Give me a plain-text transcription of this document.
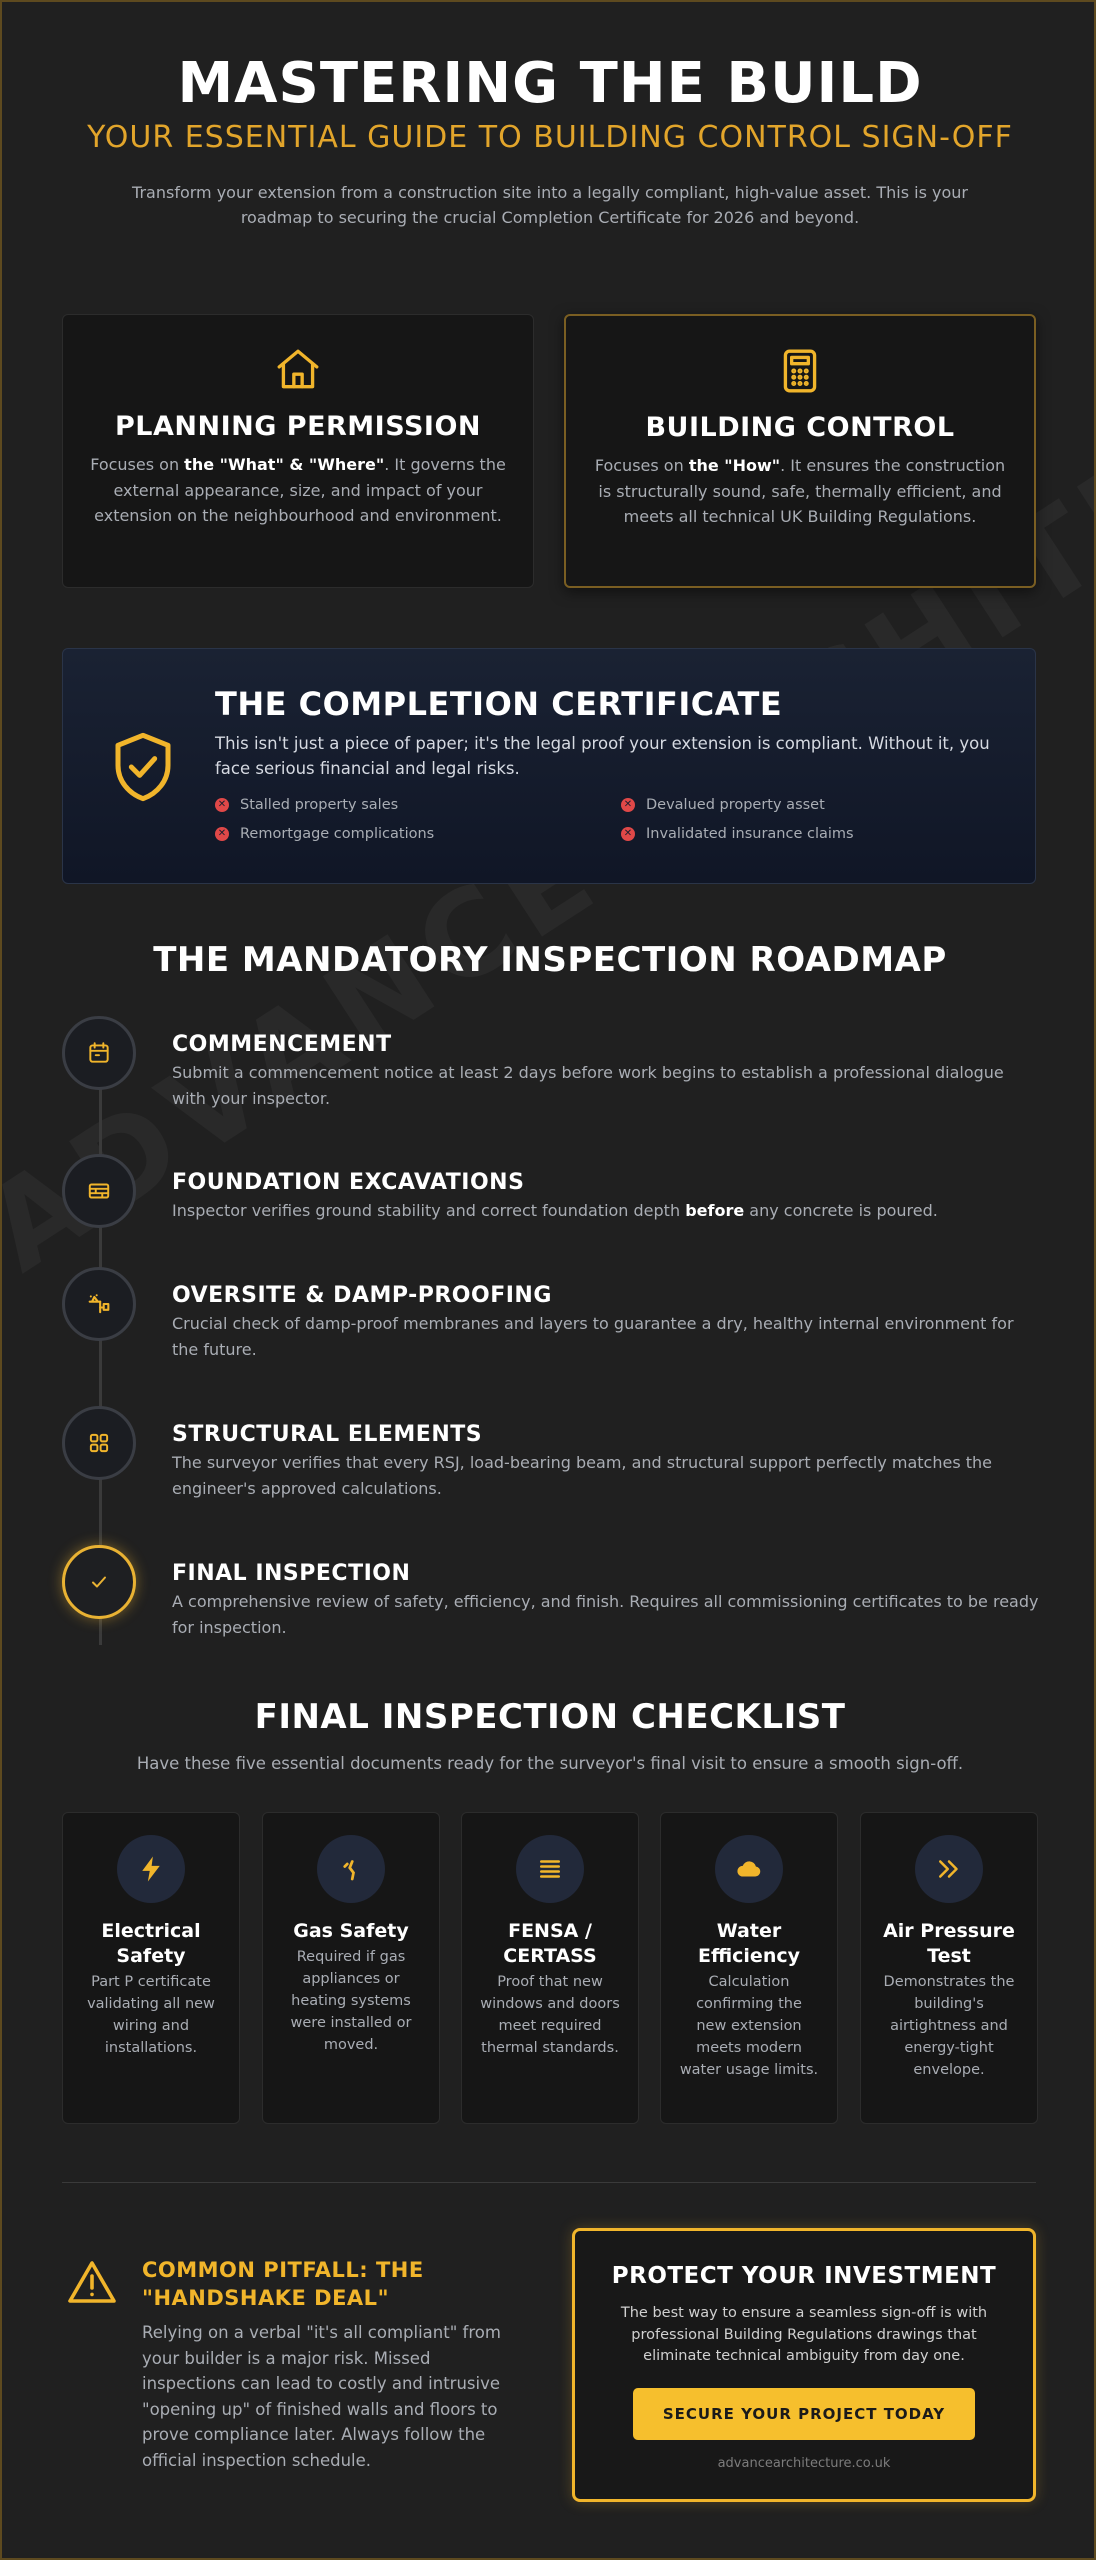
MASTERING THE BUILD
YOUR ESSENTIAL GUIDE TO BUILDING CONTROL SIGN-OFF

Transform your extension from a construction site into a legally compliant, high-value asset. This is your roadmap to securing the crucial Completion Certificate for 2026 and beyond.

PLANNING PERMISSION

Focuses on the "What" & "Where". It governs the external appearance, size, and impact of your extension on the neighbourhood and environment.

BUILDING CONTROL

Focuses on the "How". It ensures the construction is structurally sound, safe, thermally efficient, and meets all technical UK Building Regulations.

THE COMPLETION CERTIFICATE

This isn't just a piece of paper; it's the legal proof your extension is compliant. Without it, you face serious financial and legal risks.

✕ Stalled property sales	✕ Devalued property asset
✕ Remortgage complications	✕ Invalidated insurance claims
THE MANDATORY INSPECTION ROADMAP
COMMENCEMENT

Submit a commencement notice at least 2 days before work begins to establish a professional dialogue with your inspector.

FOUNDATION EXCAVATIONS

Inspector verifies ground stability and correct foundation depth before any concrete is poured.

OVERSITE & DAMP-PROOFING

Crucial check of damp-proof membranes and layers to guarantee a dry, healthy internal environment for the future.

STRUCTURAL ELEMENTS

The surveyor verifies that every RSJ, load-bearing beam, and structural support perfectly matches the engineer's approved calculations.

FINAL INSPECTION

A comprehensive review of safety, efficiency, and finish. Requires all commissioning certificates to be ready for inspection.

FINAL INSPECTION CHECKLIST
Have these five essential documents ready for the surveyor's final visit to ensure a smooth sign-off.
Electrical Safety

Part P certificate validating all new wiring and installations.

Gas Safety

Required if gas appliances or heating systems were installed or moved.

FENSA / CERTASS

Proof that new windows and doors meet required thermal standards.

Water Efficiency

Calculation confirming the new extension meets modern water usage limits.

Air Pressure Test

Demonstrates the building's airtightness and energy-tight envelope.

COMMON PITFALL: THE "HANDSHAKE DEAL"
Relying on a verbal "it's all compliant" from your builder is a major risk. Missed inspections can lead to costly and intrusive "opening up" of finished walls and floors to prove compliance later. Always follow the official inspection schedule.
PROTECT YOUR INVESTMENT

The best way to ensure a seamless sign-off is with professional Building Regulations drawings that eliminate technical ambiguity from day one.

SECURE YOUR PROJECT TODAY
advancearchitecture.co.uk
